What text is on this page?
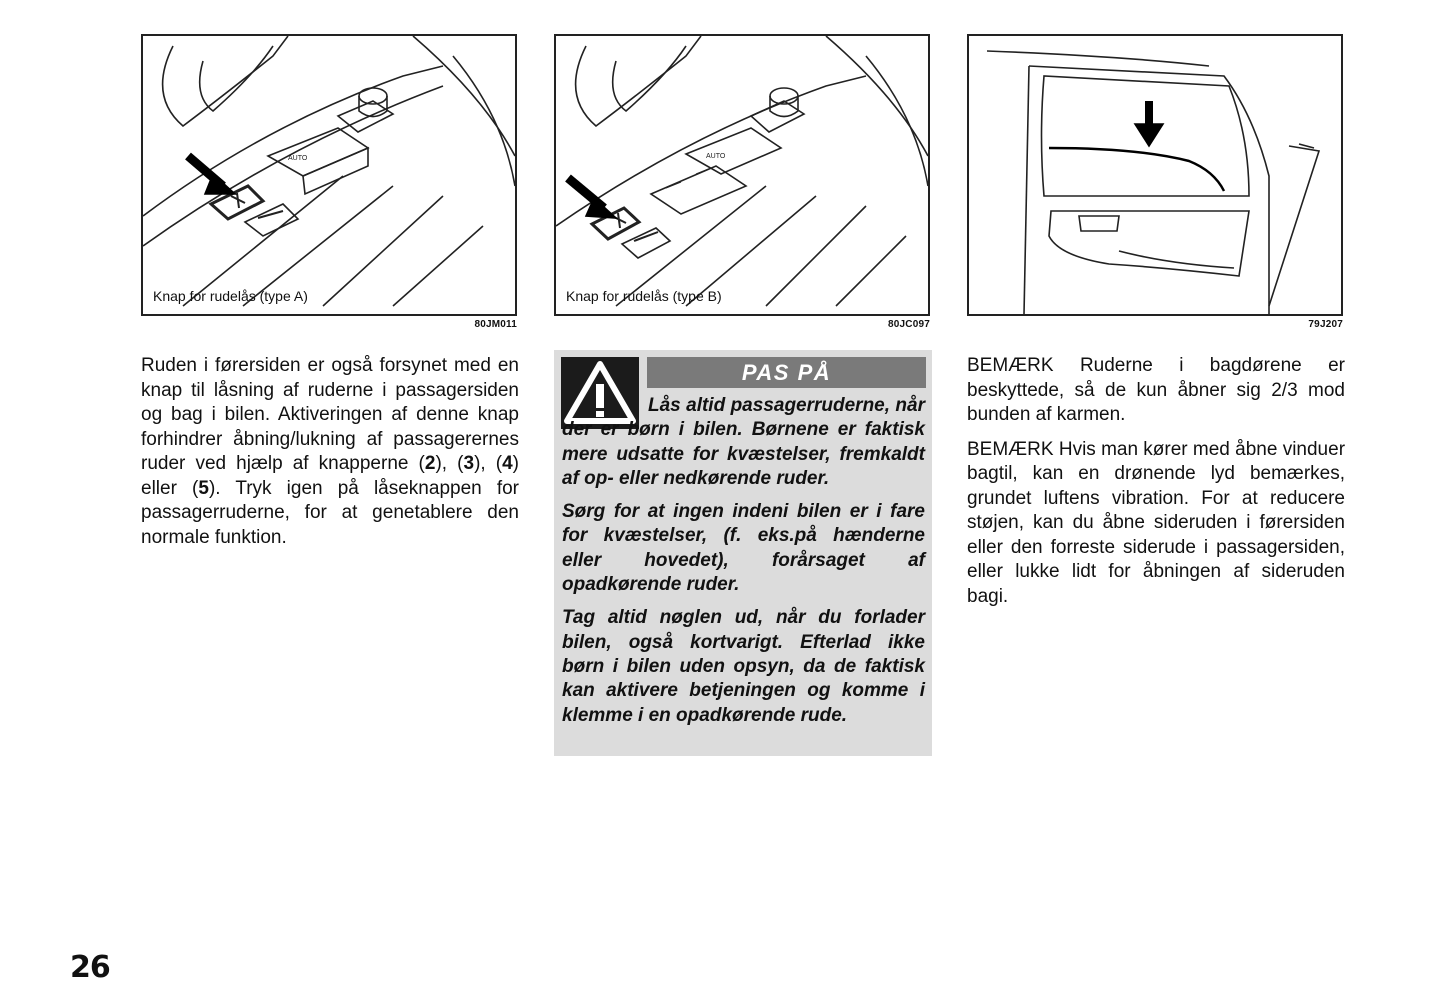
AUTO
Knap for rudelås (type A)
80JM011
AUTO
Knap for rudelås (type B)
80JC097	79J207

Ruden i førersiden er også forsynet med en knap til låsning af ruderne i passagersiden og bag i bilen. Aktiveringen af denne knap forhindrer åbning/lukning af passagerernes ruder ved hjælp af knapperne (2), (3), (4) eller (5). Tryk igen på låseknappen for passagerruderne, for at genetablere den normale funktion.

PAS PÅ

Lås altid passagerruderne, når der er børn i bilen. Børnene er faktisk mere udsatte for kvæstelser, fremkaldt af op- eller nedkørende ruder.

Sørg for at ingen indeni bilen er i fare for kvæstelser, (f. eks.på hænderne eller hovedet), forårsaget af opadkørende ruder.

Tag altid nøglen ud, når du forlader bilen, også kortvarigt. Efterlad ikke børn i bilen uden opsyn, da de faktisk kan aktivere betjeningen og komme i klemme i en opadkørende rude.

BEMÆRK Ruderne i bagdørene er beskyttede, så de kun åbner sig 2/3 mod bunden af karmen.

BEMÆRK Hvis man kører med åbne vinduer bagtil, kan en drønende lyd bemærkes, grundet luftens vibration. For at reducere støjen, kan du åbne sideruden i førersiden eller den forreste siderude i passagersiden, eller lukke lidt for åbningen af sideruden bagi.

26
